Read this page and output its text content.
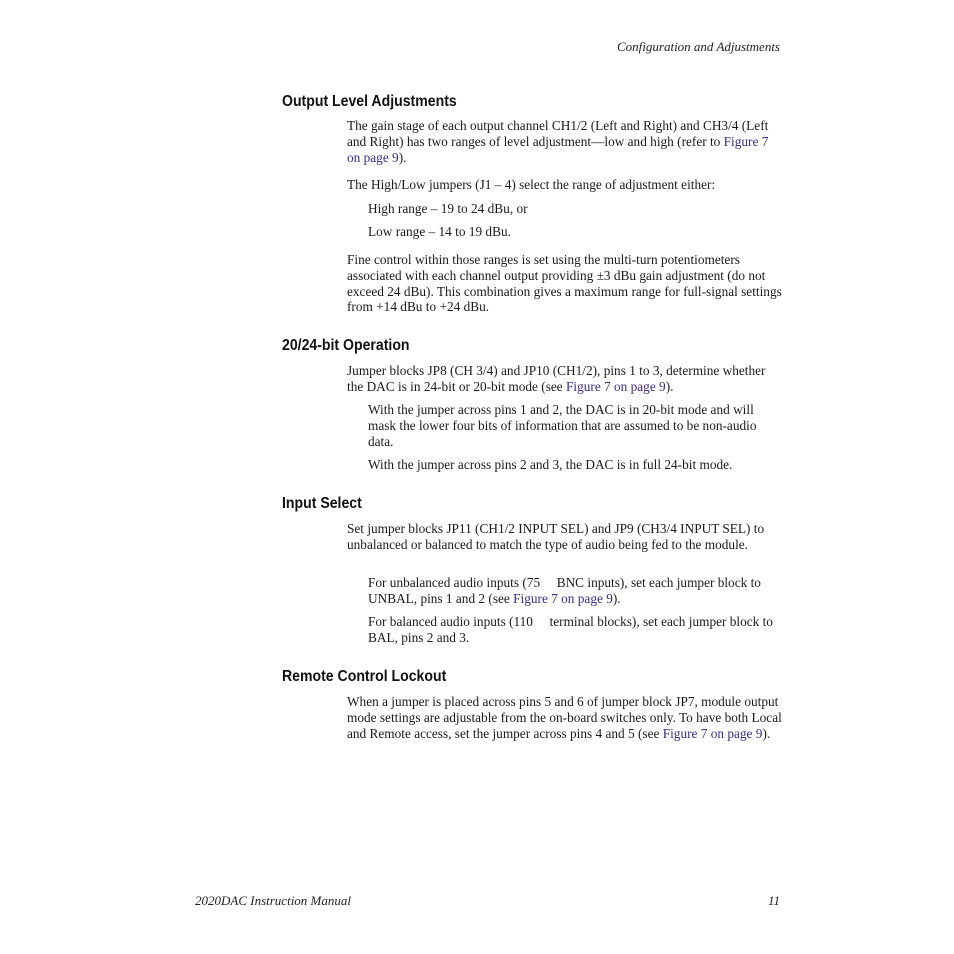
Configuration and Adjustments
Output Level Adjustments

The gain stage of each output channel CH1/2 (Left and Right) and CH3/4 (Left and Right) has two ranges of level adjustment—low and high (refer to Figure 7 on page 9).

The High/Low jumpers (J1 – 4) select the range of adjustment either:

High range – 19 to 24 dBu, or

Low range – 14 to 19 dBu.

Fine control within those ranges is set using the multi-turn potentiometers associated with each channel output providing ±3 dBu gain adjustment (do not exceed 24 dBu). This combination gives a maximum range for full-signal settings from +14 dBu to +24 dBu.

20/24-bit Operation

Jumper blocks JP8 (CH 3/4) and JP10 (CH1/2), pins 1 to 3, determine whether the DAC is in 24-bit or 20-bit mode (see Figure 7 on page 9).

With the jumper across pins 1 and 2, the DAC is in 20-bit mode and will mask the lower four bits of information that are assumed to be non-audio data.

With the jumper across pins 2 and 3, the DAC is in full 24-bit mode.

Input Select

Set jumper blocks JP11 (CH1/2 INPUT SEL) and JP9 (CH3/4 INPUT SEL) to unbalanced or balanced to match the type of audio being fed to the module.

For unbalanced audio inputs (75     BNC inputs), set each jumper block to UNBAL, pins 1 and 2 (see Figure 7 on page 9).

For balanced audio inputs (110     terminal blocks), set each jumper block to BAL, pins 2 and 3.

Remote Control Lockout

When a jumper is placed across pins 5 and 6 of jumper block JP7, module output mode settings are adjustable from the on-board switches only. To have both Local and Remote access, set the jumper across pins 4 and 5 (see Figure 7 on page 9).

2020DAC Instruction Manual	11
